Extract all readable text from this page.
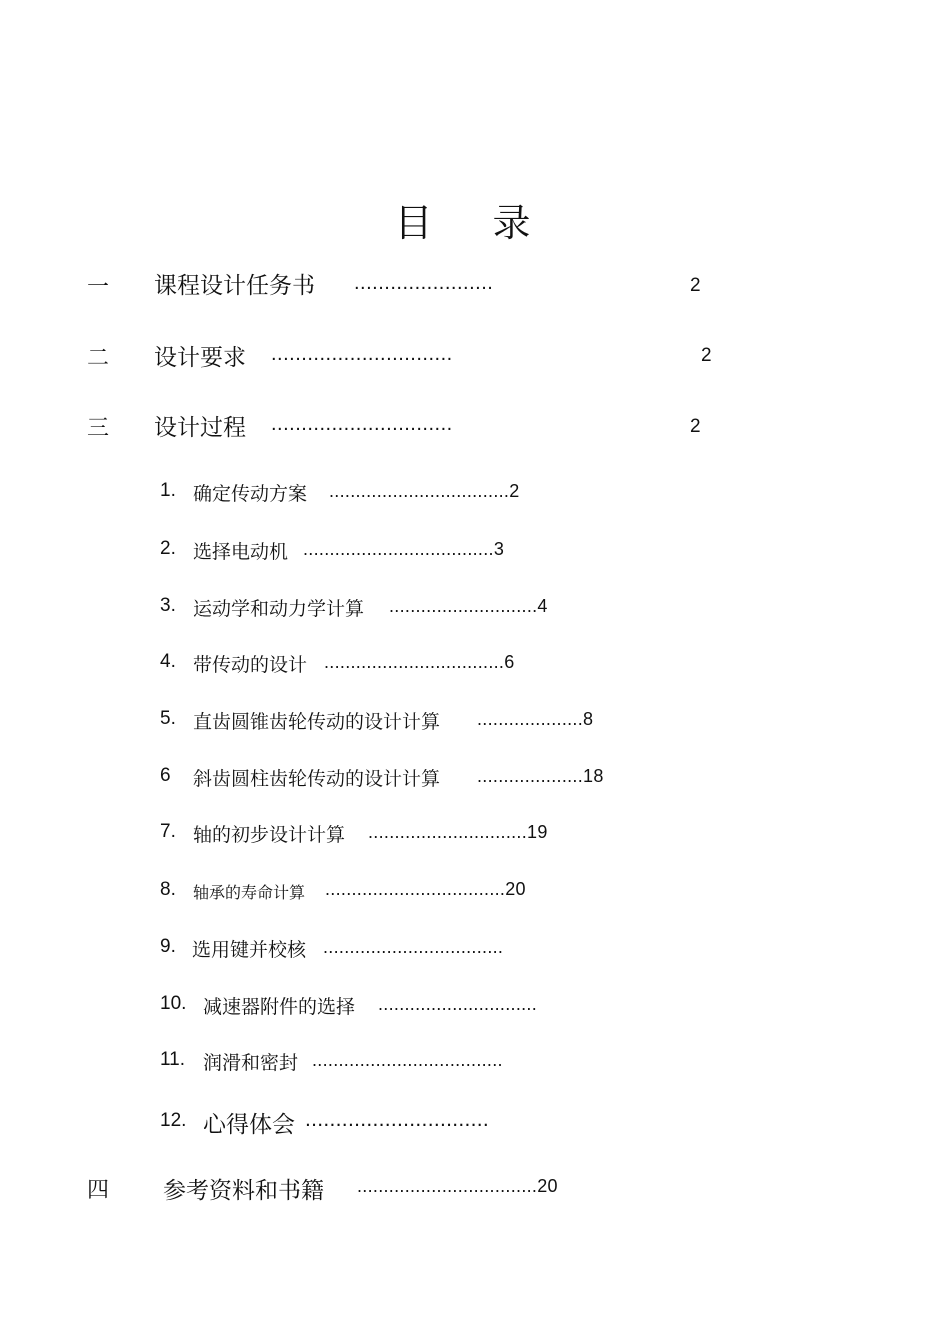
目录
一 课程设计任务书 .......................	2
二 设计要求 ..............................	2
三 设计过程 ..............................	2
1. 确定传动方案 ..................................2
2. 选择电动机 ....................................3
3. 运动学和动力学计算 ............................4
4. 带传动的设计 ..................................6
5. 直齿圆锥齿轮传动的设计计算 ....................8
6 斜齿圆柱齿轮传动的设计计算 ....................18
7. 轴的初步设计计算 ..............................19
8. 轴承的寿命计算 ..................................20
9. 选用键并校核 ..................................
10. 减速器附件的选择 ..............................
11. 润滑和密封 ....................................
12. 心得体会 ..............................
四 参考资料和书籍 ..................................20
